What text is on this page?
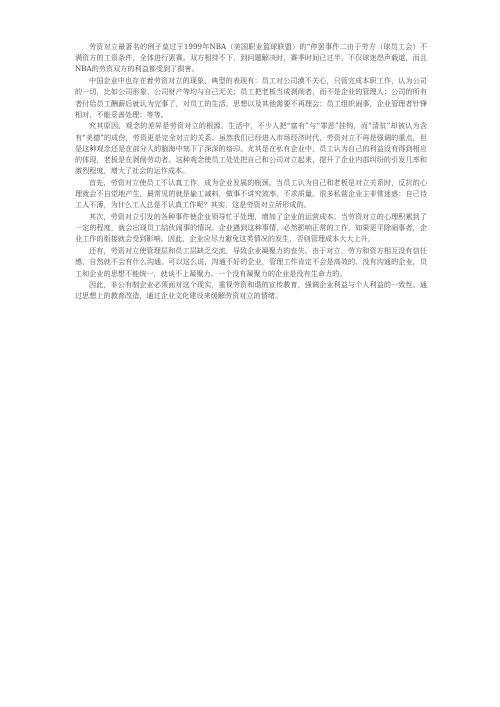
劳资对立最著名的例子莫过于1999年NBA（美国职业篮球联盟）的“停罢事件二由于劳方（球员工会）不满资方的工资条件，全体进行罢赛。双方相持不下，到问题解决时，赛季时间已过半，不仅球迷怨声载道，而且NBA的劳资双方的利益都受到了损害。

中国企业中也存在着劳资对立的现象，典型的表现有：员工对公司漠不关心，只管完成本职工作，认为公司的一切，比如公司形象、公司财产等均与自己无关；员工把老板当成剥削者，而不是企业的管理人；公司的所有者付给员工酬薪后就认为完事了，对员工的生活、思想以及其他需要不再理会；员工组织闹事，企业管理者针锋相对，不能妥善处理；等等。

究其原因，观念的差异是劳资对立的根源。生活中，不少人把“富有”与“罪恶”挂钩，而“清贫”却被认为含有“美德”的成份，劳资更是完全对立的关系。虽然我们已经进入市场经济时代，劳资对立不再是强调的重点，但是这种观念还是在部分人的脑海中刻下了深深的烙印。尤其是在私有企业中，员工认为自己的利益没有得到相应的体现，老板是在剥削劳动者。这种观念使员工处处把自己和公司对立起来，提升了企业内部纠纷的引发几率和激烈程度，增大了社会的运作成本。

首先，劳资对立使员工不认真工作，成为企业发展的瓶颈。当员工认为自己和老板是对立关系时，反抗的心理就会不自觉地产生，最常见的就是偷工减料，做事不讲究效率，不求质量。很多私营企业主非常迷惑：自己待工人不薄，为什么工人总是不认真工作呢？其实，这是劳资对立所形成的。

其次，劳资对立引发的各种事件使企业领导忙于处理，增加了企业的运营成本。当劳资对立的心理积累到了一定的程度，就会出现员工结伙闹事的情况。企业遇到这种事情，必然影响正常的工作，如果更平除闹事者，企业工作的衔接就会受到影响。因此，企业应尽力避免这类情况的发生，否则管理成本大大上升。

还有，劳资对立使管理层和员工层缺乏交流，导致企业凝聚力的丧失。由于对立，劳方和资方相互没有信任感，自然就不会有什么沟通。可以这么说，沟通不好的企业，管理工作肯定不会是高效的、没有沟通的企业，员工和企业的思想不能统一，就谈不上凝聚力。一个没有凝聚力的企业是没有生命力的。

因此，非公有制企业必须面对这个现实，重视劳资和谐的宣传教育，强调企业利益与个人利益的一致性。通过思想上的教育改造，通过企业文化建设来缓解劳资对立的情绪。
